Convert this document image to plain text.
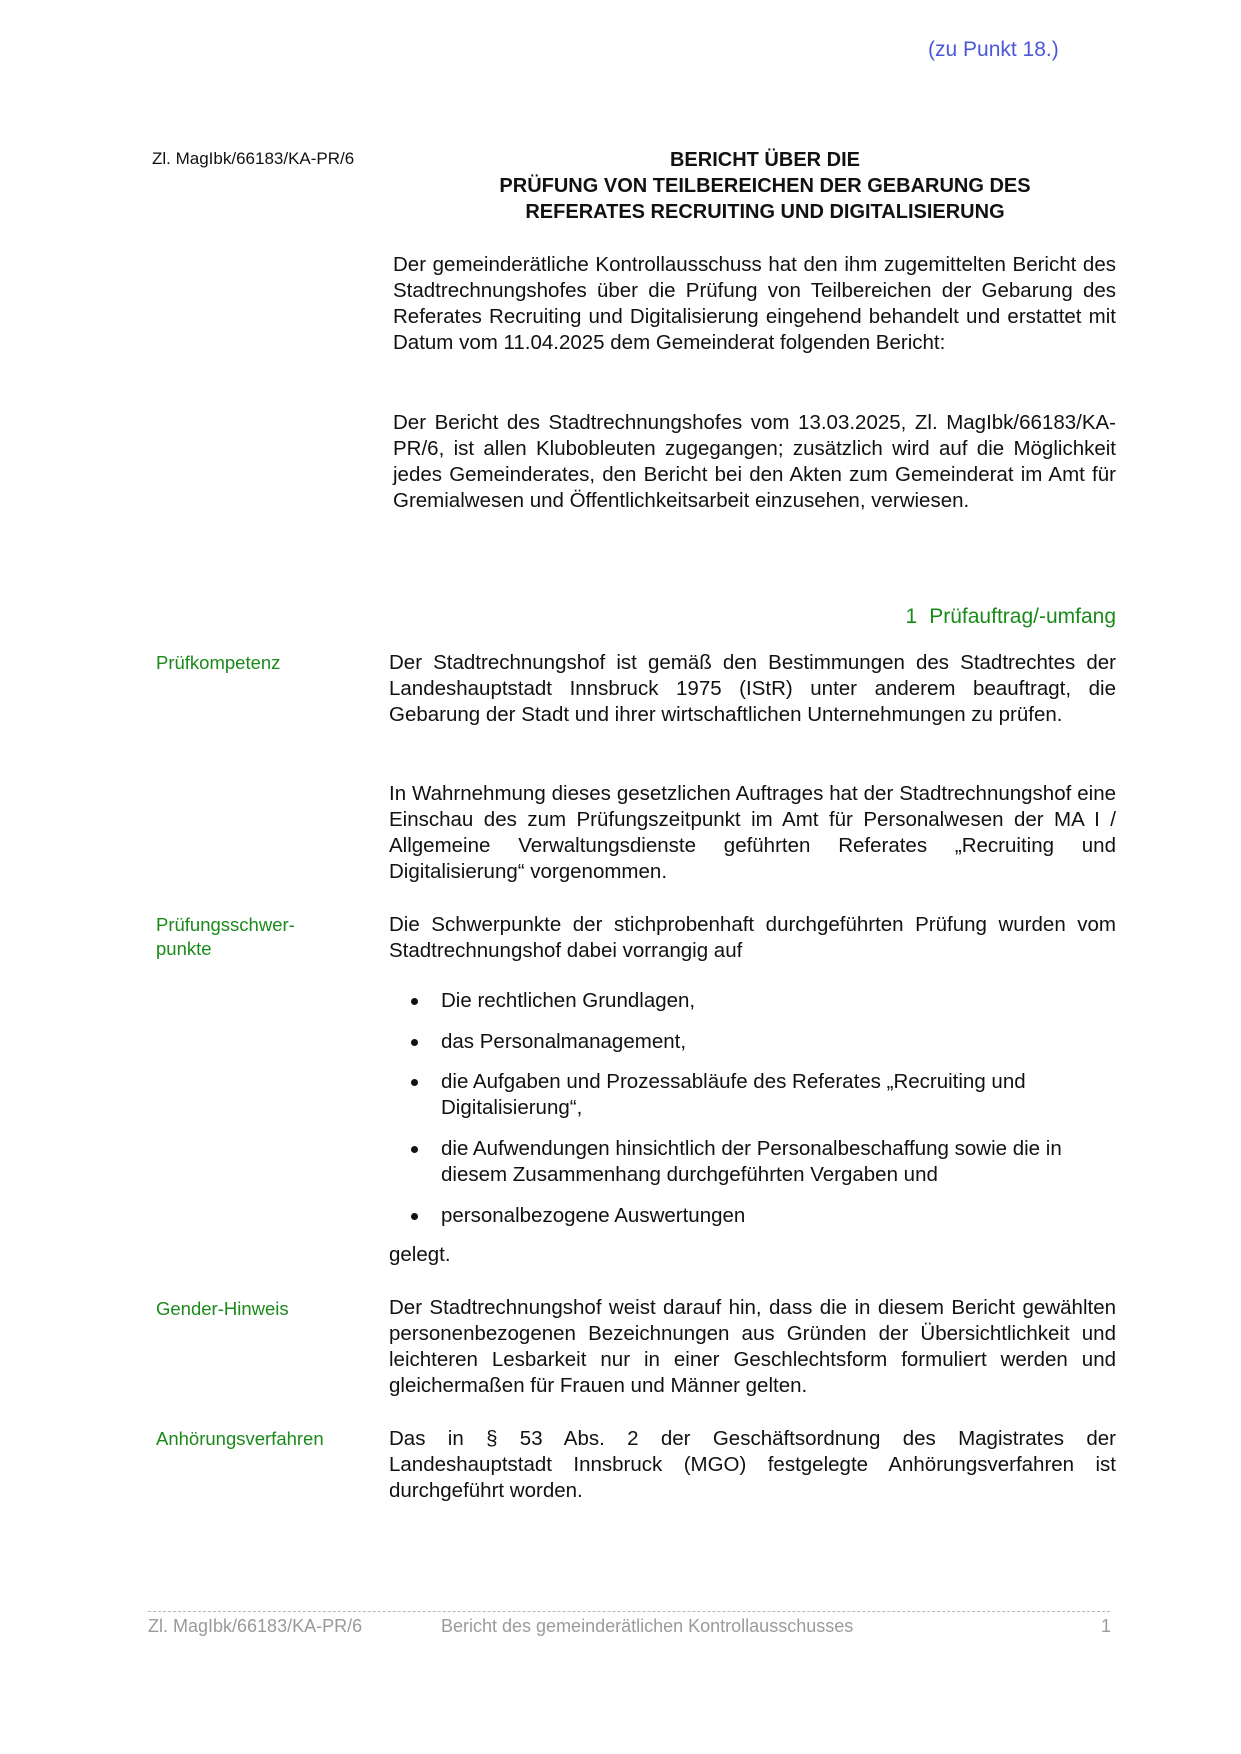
(zu Punkt 18.)
Zl. MagIbk/66183/KA-PR/6	BERICHT ÜBER DIE
PRÜFUNG VON TEILBEREICHEN DER GEBARUNG DES
REFERATES RECRUITING UND DIGITALISIERUNG
Der gemeinderätliche Kontrollausschuss hat den ihm zugemittelten Bericht des Stadtrechnungshofes über die Prüfung von Teilbereichen der Gebarung des Referates Recruiting und Digitalisierung eingehend behandelt und erstattet mit Datum vom 11.04.2025 dem Gemeinderat folgenden Bericht:
Der Bericht des Stadtrechnungshofes vom 13.03.2025, Zl. MagIbk/66183/KA-PR/6, ist allen Klubobleuten zugegangen; zusätzlich wird auf die Möglichkeit jedes Gemeinderates, den Bericht bei den Akten zum Gemeinderat im Amt für Gremialwesen und Öffentlichkeitsarbeit einzusehen, verwiesen.
1 Prüfauftrag/-umfang
Prüfkompetenz	Der Stadtrechnungshof ist gemäß den Bestimmungen des Stadtrechtes der Landeshauptstadt Innsbruck 1975 (IStR) unter anderem beauftragt, die Gebarung der Stadt und ihrer wirtschaftlichen Unternehmungen zu prüfen.
In Wahrnehmung dieses gesetzlichen Auftrages hat der Stadtrechnungshof eine Einschau des zum Prüfungszeitpunkt im Amt für Personalwesen der MA I / Allgemeine Verwaltungsdienste geführten Referates „Recruiting und Digitalisierung“ vorgenommen.
Prüfungsschwer-
punkte
Die Schwerpunkte der stichprobenhaft durchgeführten Prüfung wurden vom Stadtrechnungshof dabei vorrangig auf
Die rechtlichen Grundlagen,
das Personalmanagement,
die Aufgaben und Prozessabläufe des Referates „Recruiting und Digitalisierung“,
die Aufwendungen hinsichtlich der Personalbeschaffung sowie die in diesem Zusammenhang durchgeführten Vergaben und
personalbezogene Auswertungen
gelegt.
Gender-Hinweis	Der Stadtrechnungshof weist darauf hin, dass die in diesem Bericht gewählten personenbezogenen Bezeichnungen aus Gründen der Übersichtlichkeit und leichteren Lesbarkeit nur in einer Geschlechtsform formuliert werden und gleichermaßen für Frauen und Männer gelten.
Anhörungsverfahren	Das in § 53 Abs. 2 der Geschäftsordnung des Magistrates der Landeshauptstadt Innsbruck (MGO) festgelegte Anhörungsverfahren ist durchgeführt worden.
Zl. MagIbk/66183/KA-PR/6	Bericht des gemeinderätlichen Kontrollausschusses	1
